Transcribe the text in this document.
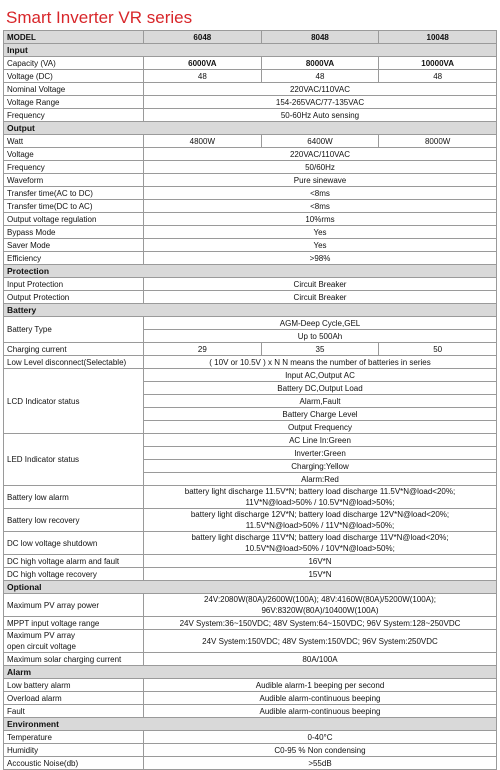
Smart Inverter VR series
MODEL	6048	8048	10048
Input			
Capacity (VA)	6000VA	8000VA	10000VA
Voltage (DC)	48	48	48
Nominal Voltage	220VAC/110VAC		
Voltage Range	154-265VAC/77-135VAC		
Frequency	50-60Hz Auto sensing		
Output			
Watt	4800W	6400W	8000W
Voltage	220VAC/110VAC		
Frequency	50/60Hz		
Waveform	Pure sinewave		
Transfer time(AC to DC)	<8ms		
Transfer time(DC to AC)	<8ms		
Output voltage regulation	10%rms		
Bypass Mode	Yes		
Saver Mode	Yes		
Efficiency	>98%		
Protection			
Input Protection	Circuit Breaker		
Output Protection	Circuit Breaker		
Battery			
Battery Type	AGM-Deep Cycle,GEL		
	Up to 500Ah		
Charging current	29	35	50
Low Level disconnect(Selectable)	( 10V or 10.5V ) x N N means the number of batteries in series		
LCD Indicator status	Input AC,Output AC		
	Battery DC,Output Load		
	Alarm,Fault		
	Battery Charge Level		
	Output Frequency		
LED Indicator status	AC Line In:Green		
	Inverter:Green		
	Charging:Yellow		
	Alarm:Red		
Battery low alarm	battery light discharge 11.5V*N; battery load discharge 11.5V*N@load<20%;
11V*N@load>50% / 10.5V*N@load>50%;		

Battery low recovery	battery light discharge 12V*N; battery load discharge 12V*N@load<20%;
11.5V*N@load>50% / 11V*N@load>50%;		

DC low voltage shutdown	battery light discharge 11V*N; battery load discharge 11V*N@load<20%;
10.5V*N@load>50% / 10V*N@load>50%;		

DC high voltage alarm and fault	16V*N		
DC high voltage recovery	15V*N		
Optional			
Maximum PV array power	24V:2080W(80A)/2600W(100A); 48V:4160W(80A)/5200W(100A);
96V:8320W(80A)/10400W(100A)		

MPPT input voltage range	24V System:36~150VDC; 48V System:64~150VDC; 96V System:128~250VDC		

Maximum PV array
open circuit voltage	24V System:150VDC; 48V System:150VDC; 96V System:250VDC		
Maximum solar charging current	80A/100A		
Alarm			
Low battery alarm	Audible alarm-1 beeping per second		
Overload alarm	Audible alarm-continuous beeping		
Fault	Audible alarm-continuous beeping		
Environment			
Temperature	0-40°C		
Humidity	C0-95 % Non condensing		
Accoustic Noise(db)	>55dB		
